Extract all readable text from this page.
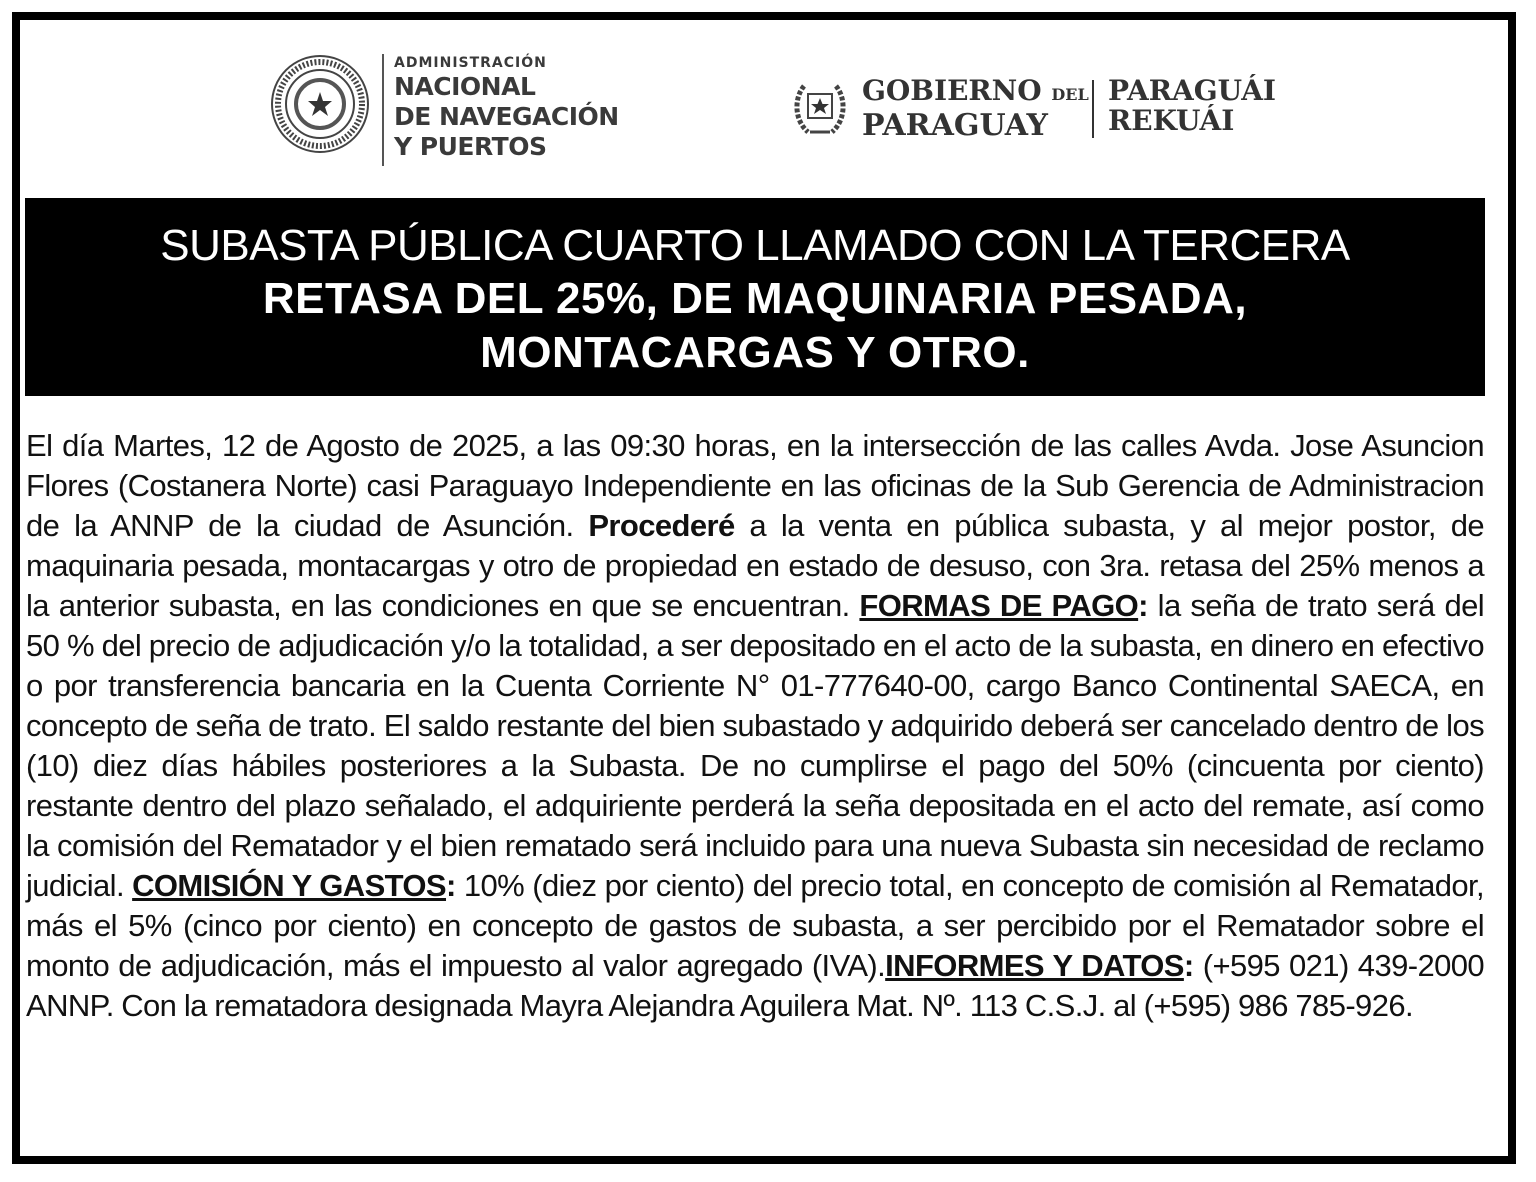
ADMINISTRACIÓN
NACIONAL
DE NAVEGACIÓN
Y PUERTOS
GOBIERNO DEL
PARAGUAY
PARAGUÁI
REKUÁI
SUBASTA PÚBLICA CUARTO LLAMADO CON LA TERCERA
RETASA DEL 25%, DE MAQUINARIA PESADA,
MONTACARGAS Y OTRO.
El día Martes, 12 de Agosto de 2025, a las 09:30 horas, en la intersección de las calles Avda. Jose Asuncion Flores (Costanera Norte) casi Paraguayo Independiente en las oficinas de la Sub Gerencia de Administracion de la ANNP de la ciudad de Asunción. Procederé a la venta en pública subasta, y al mejor postor, de maquinaria pesada, montacargas y otro de propiedad en estado de desuso, con 3ra. retasa del 25% menos a la anterior subasta, en las condiciones en que se encuentran. FORMAS DE PAGO: la seña de trato será del 50 % del precio de adjudicación y/o la totalidad, a ser depositado en el acto de la subasta, en dinero en efectivo o por transferencia bancaria en la Cuenta Corriente N° 01-777640-00, cargo Banco Continental SAECA, en concepto de seña de trato. El saldo restante del bien subastado y adquirido deberá ser cancelado dentro de los (10) diez días hábiles posteriores a la Subasta. De no cumplirse el pago del 50% (cincuenta por ciento) restante dentro del plazo señalado, el adquiriente perderá la seña depositada en el acto del remate, así como la comisión del Rematador y el bien rematado será incluido para una nueva Subasta sin necesidad de reclamo judicial. COMISIÓN Y GASTOS: 10% (diez por ciento) del precio total, en concepto de comisión al Rematador, más el 5% (cinco por ciento) en concepto de gastos de subasta, a ser percibido por el Rematador sobre el monto de adjudicación, más el impuesto al valor agregado (IVA).INFORMES Y DATOS: (+595 021) 439-2000 ANNP. Con la rematadora designada Mayra Alejandra Aguilera Mat. Nº. 113 C.S.J. al (+595) 986 785-926.
